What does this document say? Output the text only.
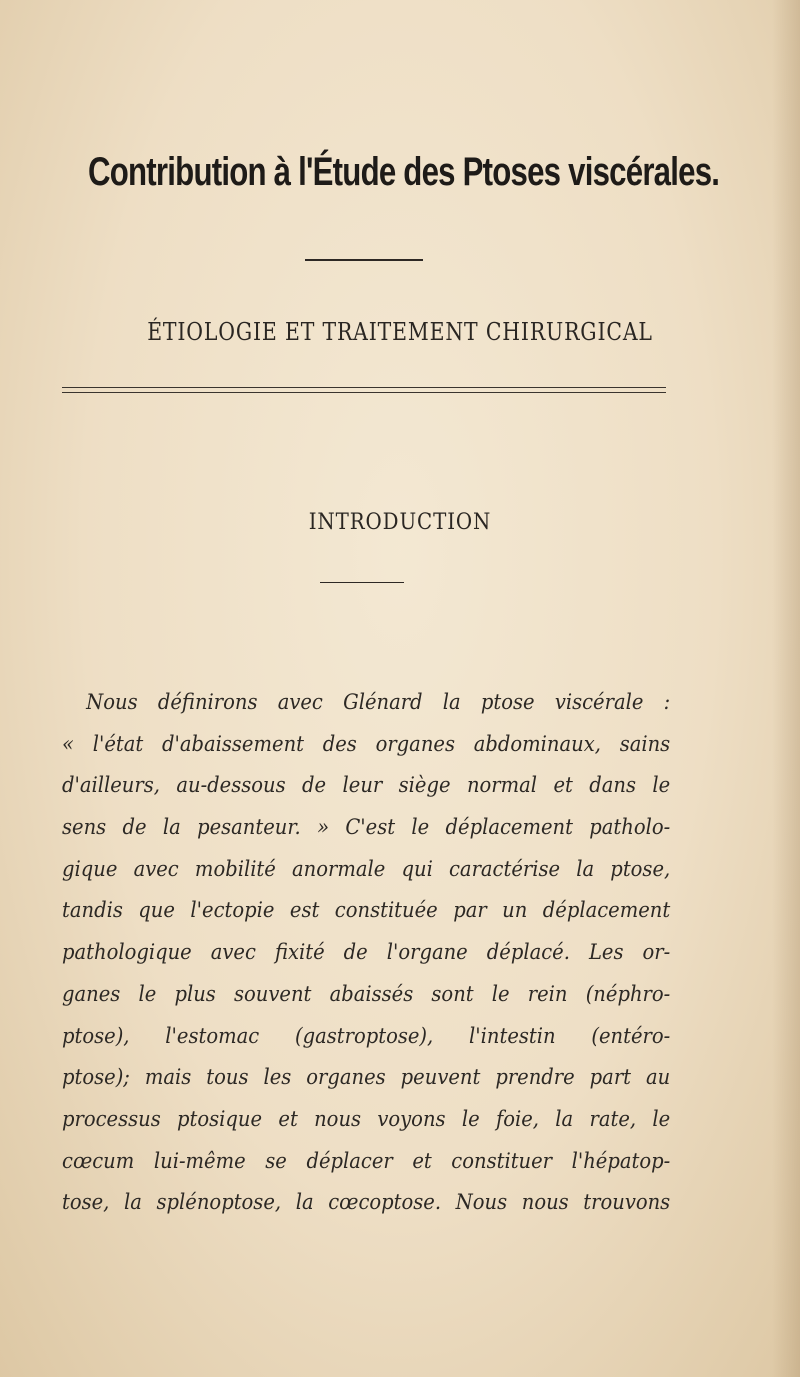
Contribution à l'Étude des Ptoses viscérales.
ÉTIOLOGIE ET TRAITEMENT CHIRURGICAL
INTRODUCTION
Nous définirons avec Glénard la ptose viscérale :
« l'état d'abaissement des organes abdominaux, sains
d'ailleurs, au-dessous de leur siège normal et dans le
sens de la pesanteur. » C'est le déplacement patholo-
gique avec mobilité anormale qui caractérise la ptose,
tandis que l'ectopie est constituée par un déplacement
pathologique avec fixité de l'organe déplacé. Les or-
ganes le plus souvent abaissés sont le rein (néphro-
ptose), l'estomac (gastroptose), l'intestin (entéro-
ptose); mais tous les organes peuvent prendre part au
processus ptosique et nous voyons le foie, la rate, le
cœcum lui-même se déplacer et constituer l'hépatop-
tose, la splénoptose, la cœcoptose. Nous nous trouvons
